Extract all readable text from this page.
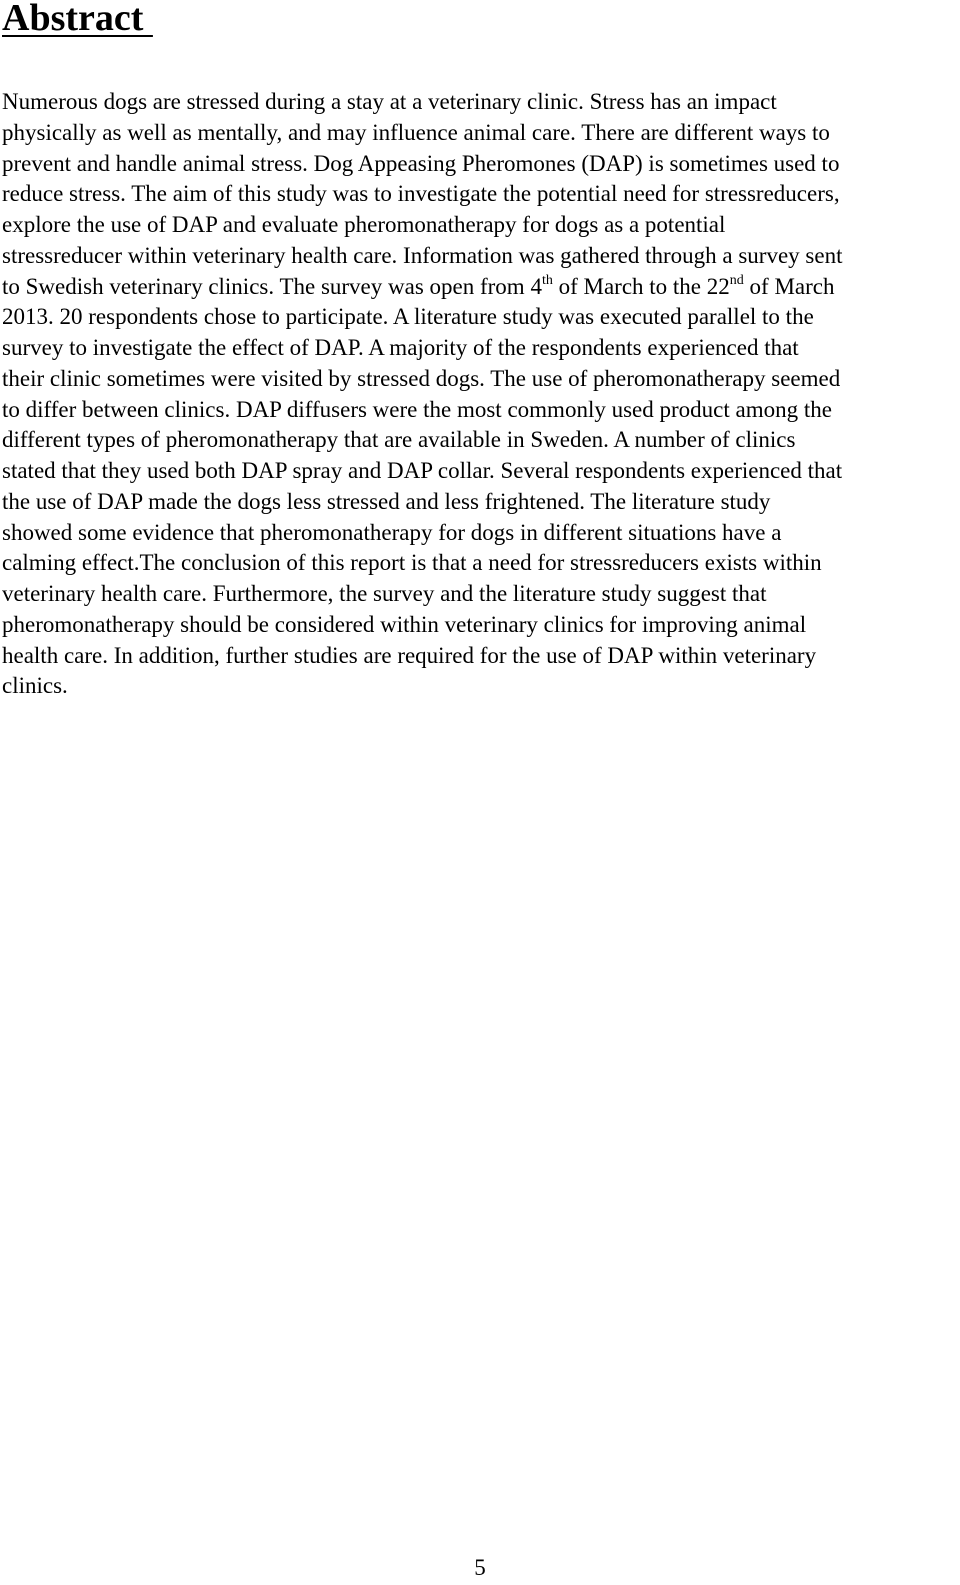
Abstract

Numerous dogs are stressed during a stay at a veterinary clinic. Stress has an impact
physically as well as mentally, and may influence animal care. There are different ways to
prevent and handle animal stress. Dog Appeasing Pheromones (DAP) is sometimes used to
reduce stress. The aim of this study was to investigate the potential need for stressreducers,
explore the use of DAP and evaluate pheromonatherapy for dogs as a potential
stressreducer within veterinary health care. Information was gathered through a survey sent
to Swedish veterinary clinics. The survey was open from 4th of March to the 22nd of March
2013. 20 respondents chose to participate. A literature study was executed parallel to the
survey to investigate the effect of DAP. A majority of the respondents experienced that
their clinic sometimes were visited by stressed dogs. The use of pheromonatherapy seemed
to differ between clinics. DAP diffusers were the most commonly used product among the
different types of pheromonatherapy that are available in Sweden. A number of clinics
stated that they used both DAP spray and DAP collar. Several respondents experienced that
the use of DAP made the dogs less stressed and less frightened. The literature study
showed some evidence that pheromonatherapy for dogs in different situations have a
calming effect.The conclusion of this report is that a need for stressreducers exists within
veterinary health care. Furthermore, the survey and the literature study suggest that
pheromonatherapy should be considered within veterinary clinics for improving animal
health care. In addition, further studies are required for the use of DAP within veterinary
clinics.

5
